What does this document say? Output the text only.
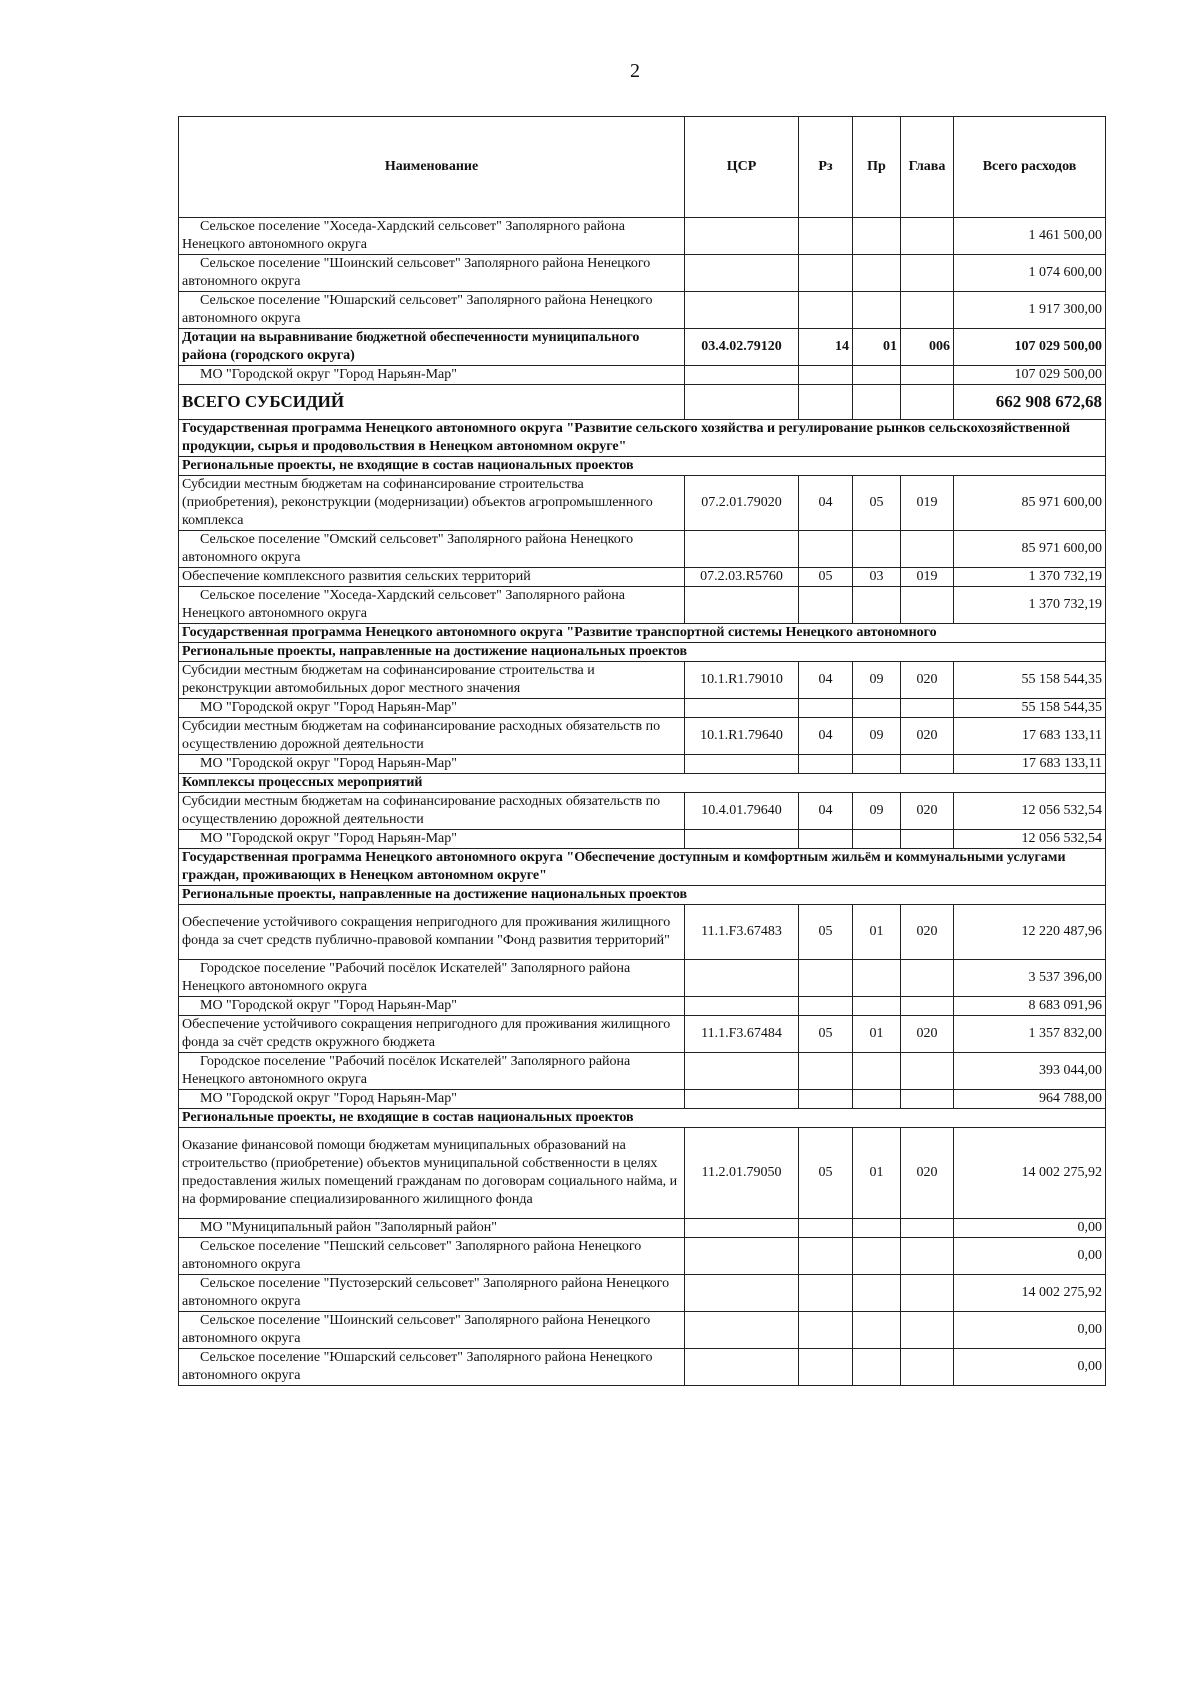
2
Наименование	ЦСР	Рз	Пр	Глава	Всего расходов
Сельское поселение "Хоседа-Хардский сельсовет" Заполярного района Ненецкого автономного округа					1 461 500,00
Сельское поселение "Шоинский сельсовет" Заполярного района Ненецкого автономного округа					1 074 600,00
Сельское поселение "Юшарский сельсовет" Заполярного района Ненецкого автономного округа					1 917 300,00
Дотации на выравнивание бюджетной обеспеченности муниципального района (городского округа)	03.4.02.79120	14	01	006	107 029 500,00
МО "Городской округ "Город Нарьян-Мар"					107 029 500,00
ВСЕГО СУБСИДИЙ					662 908 672,68
Государственная программа Ненецкого автономного округа "Развитие сельского хозяйства и регулирование рынков сельскохозяйственной продукции, сырья и продовольствия в Ненецком автономном округе"					
Региональные проекты, не входящие в состав национальных проектов					
Субсидии местным бюджетам на софинансирование строительства (приобретения), реконструкции (модернизации) объектов агропромышленного комплекса	07.2.01.79020	04	05	019	85 971 600,00
Сельское поселение "Омский сельсовет" Заполярного района Ненецкого автономного округа					85 971 600,00
Обеспечение комплексного развития сельских территорий	07.2.03.R5760	05	03	019	1 370 732,19
Сельское поселение "Хоседа-Хардский сельсовет" Заполярного района Ненецкого автономного округа					1 370 732,19
Государственная программа Ненецкого автономного округа "Развитие транспортной системы Ненецкого автономного					
Региональные проекты, направленные на достижение национальных проектов					
Субсидии местным бюджетам на софинансирование строительства и реконструкции автомобильных дорог местного значения	10.1.R1.79010	04	09	020	55 158 544,35
МО "Городской округ "Город Нарьян-Мар"					55 158 544,35
Субсидии местным бюджетам на софинансирование расходных обязательств по осуществлению дорожной деятельности	10.1.R1.79640	04	09	020	17 683 133,11
МО "Городской округ "Город Нарьян-Мар"					17 683 133,11
Комплексы процессных мероприятий					
Субсидии местным бюджетам на софинансирование расходных обязательств по осуществлению дорожной деятельности	10.4.01.79640	04	09	020	12 056 532,54
МО "Городской округ "Город Нарьян-Мар"					12 056 532,54
Государственная программа Ненецкого автономного округа "Обеспечение доступным и комфортным жильём и коммунальными услугами граждан, проживающих в Ненецком автономном округе"					
Региональные проекты, направленные на достижение национальных проектов					
Обеспечение устойчивого сокращения непригодного для проживания жилищного фонда за счет средств публично-правовой компании "Фонд развития территорий"	11.1.F3.67483	05	01	020	12 220 487,96
Городское поселение "Рабочий посёлок Искателей" Заполярного района Ненецкого автономного округа					3 537 396,00
МО "Городской округ "Город Нарьян-Мар"					8 683 091,96
Обеспечение устойчивого сокращения непригодного для проживания жилищного фонда за счёт средств окружного бюджета	11.1.F3.67484	05	01	020	1 357 832,00
Городское поселение "Рабочий посёлок Искателей" Заполярного района Ненецкого автономного округа					393 044,00
МО "Городской округ "Город Нарьян-Мар"					964 788,00
Региональные проекты, не входящие в состав национальных проектов					
Оказание финансовой помощи бюджетам муниципальных образований на строительство (приобретение) объектов муниципальной собственности в целях предоставления жилых помещений гражданам по договорам социального найма, и на формирование специализированного жилищного фонда	11.2.01.79050	05	01	020	14 002 275,92
МО "Муниципальный район "Заполярный район"					0,00
Сельское поселение "Пешский сельсовет" Заполярного района Ненецкого автономного округа					0,00
Сельское поселение "Пустозерский сельсовет" Заполярного района Ненецкого автономного округа					14 002 275,92
Сельское поселение "Шоинский сельсовет" Заполярного района Ненецкого автономного округа					0,00
Сельское поселение "Юшарский сельсовет" Заполярного района Ненецкого автономного округа					0,00
